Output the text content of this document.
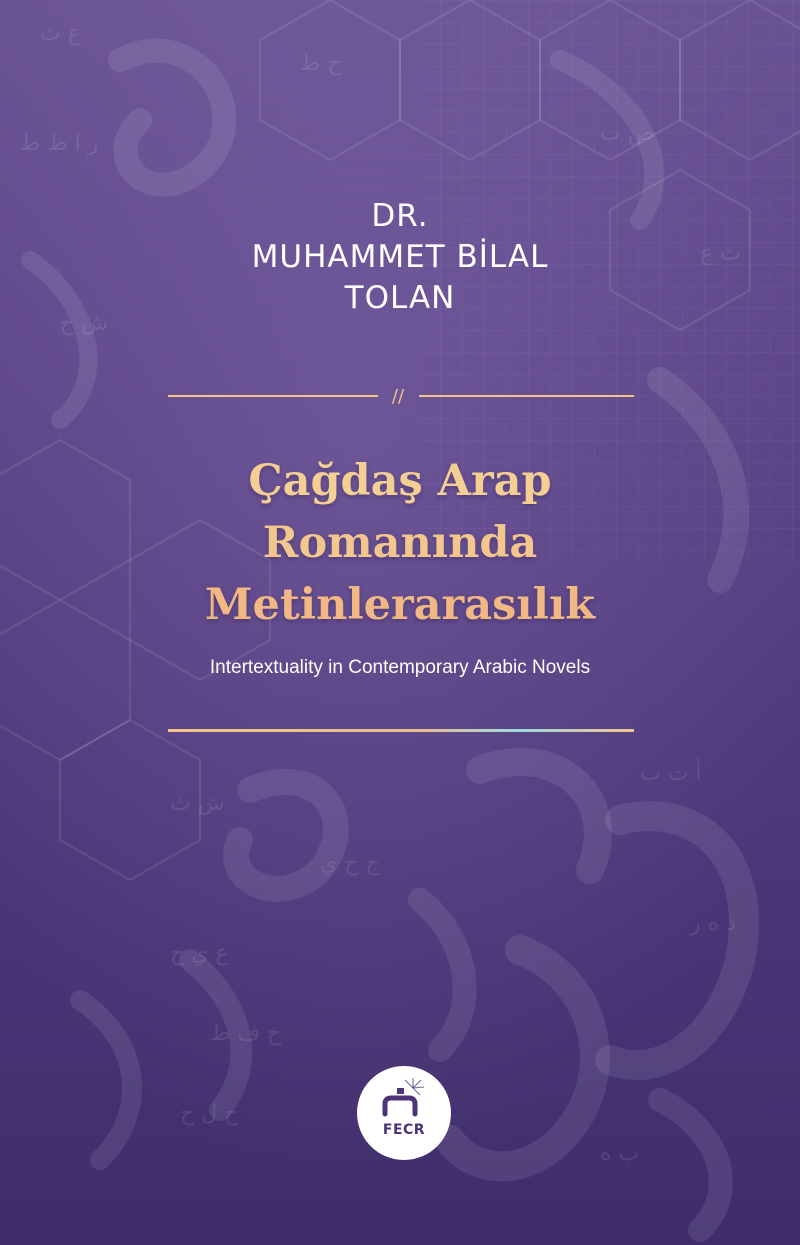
ع ث
ر ا ظ ط
ش ح
ح ط
ص ب
ث ع
ش ث
ج ح ي
ع ي ح
أ ت ب
ذ ه ر
خ ف ط
ح ل ح
ب ه
DR.
MUHAMMET BİLAL
TOLAN
//
Çağdaş Arap
Romanında
Metinlerarasılık
Intertextuality in Contemporary Arabic Novels
ق
FECR
